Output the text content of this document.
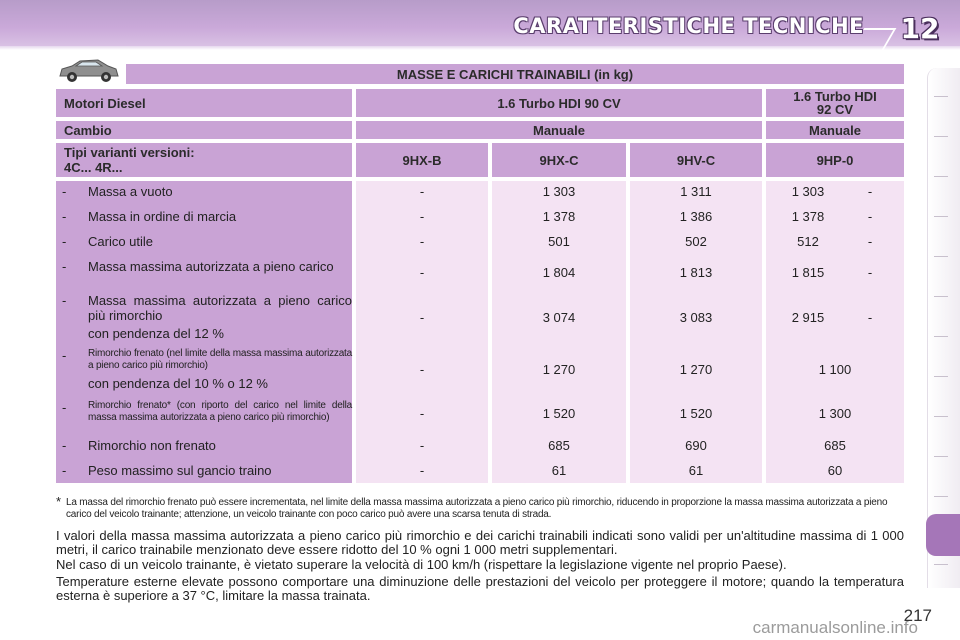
CARATTERISTICHE TECNICHE 12
MASSE E CARICHI TRAINABILI (in kg)
Motori Diesel	1.6 Turbo HDI 90 CV	1.6 Turbo HDI
92 CV
Cambio	Manuale	Manuale
Tipi varianti versioni:
4C... 4R...	9HX-B	9HX-C	9HV-C	9HP-0
- Massa a vuoto	-	1 303	1 311	1 303	-
- Massa in ordine di marcia	-	1 378	1 386	1 378	-
- Carico utile	-	501	502	512	-
- Massa massima autorizzata a pieno carico	-	1 804	1 813	1 815	-
- Massa massima autorizzata a pieno carico più rimorchio
con pendenza del 12 %
-	3 074	3 083	2 915	-
- Rimorchio frenato (nel limite della massa massima autorizzata a pieno carico più rimorchio)
con pendenza del 10 % o 12 %
-	1 270	1 270	1 100
- Rimorchio frenato* (con riporto del carico nel limite della massa massima autorizzata a pieno carico più rimorchio)	-	1 520	1 520	1 300
- Rimorchio non frenato	-	685	690	685
- Peso massimo sul gancio traino	-	61	61	60
* La massa del rimorchio frenato può essere incrementata, nel limite della massa massima autorizzata a pieno carico più rimorchio, riducendo in proporzione la massa massima autorizzata a pieno carico del veicolo trainante; attenzione, un veicolo trainante con poco carico può avere una scarsa tenuta di strada.
I valori della massa massima autorizzata a pieno carico più rimorchio e dei carichi trainabili indicati sono validi per un'altitudine massima di 1 000 metri, il carico trainabile menzionato deve essere ridotto del 10 % ogni 1 000 metri supplementari.
Nel caso di un veicolo trainante, è vietato superare la velocità di 100 km/h (rispettare la legislazione vigente nel proprio Paese).
Temperature esterne elevate possono comportare una diminuzione delle prestazioni del veicolo per proteggere il motore; quando la temperatura esterna è superiore a 37 °C, limitare la massa trainata.
217
carmanualsonline.info
